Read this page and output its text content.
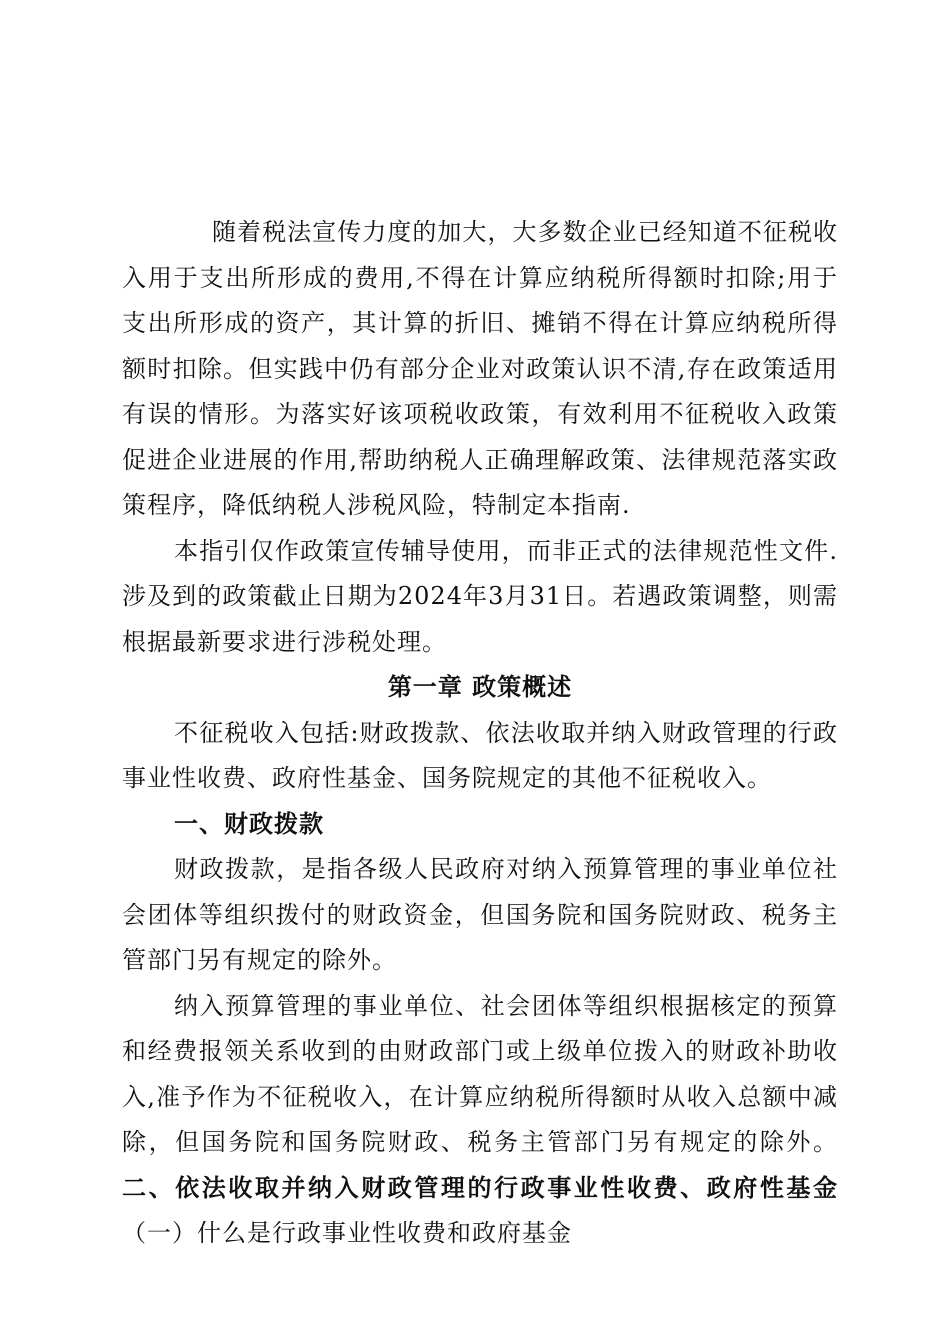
随着税法宣传力度的加大，大多数企业已经知道不征税收入用于支出所形成的费用,不得在计算应纳税所得额时扣除;用于支出所形成的资产，其计算的折旧、摊销不得在计算应纳税所得额时扣除。但实践中仍有部分企业对政策认识不清,存在政策适用有误的情形。为落实好该项税收政策，有效利用不征税收入政策促进企业进展的作用,帮助纳税人正确理解政策、法律规范落实政策程序，降低纳税人涉税风险，特制定本指南.

本指引仅作政策宣传辅导使用，而非正式的法律规范性文件.涉及到的政策截止日期为2024年3月31日。若遇政策调整，则需根据最新要求进行涉税处理。

第一章 政策概述

不征税收入包括:财政拨款、依法收取并纳入财政管理的行政事业性收费、政府性基金、国务院规定的其他不征税收入。

一、财政拨款

财政拨款，是指各级人民政府对纳入预算管理的事业单位社会团体等组织拨付的财政资金，但国务院和国务院财政、税务主管部门另有规定的除外。

纳入预算管理的事业单位、社会团体等组织根据核定的预算和经费报领关系收到的由财政部门或上级单位拨入的财政补助收入,准予作为不征税收入，在计算应纳税所得额时从收入总额中减除，但国务院和国务院财政、税务主管部门另有规定的除外。二、依法收取并纳入财政管理的行政事业性收费、政府性基金（一）什么是行政事业性收费和政府基金
